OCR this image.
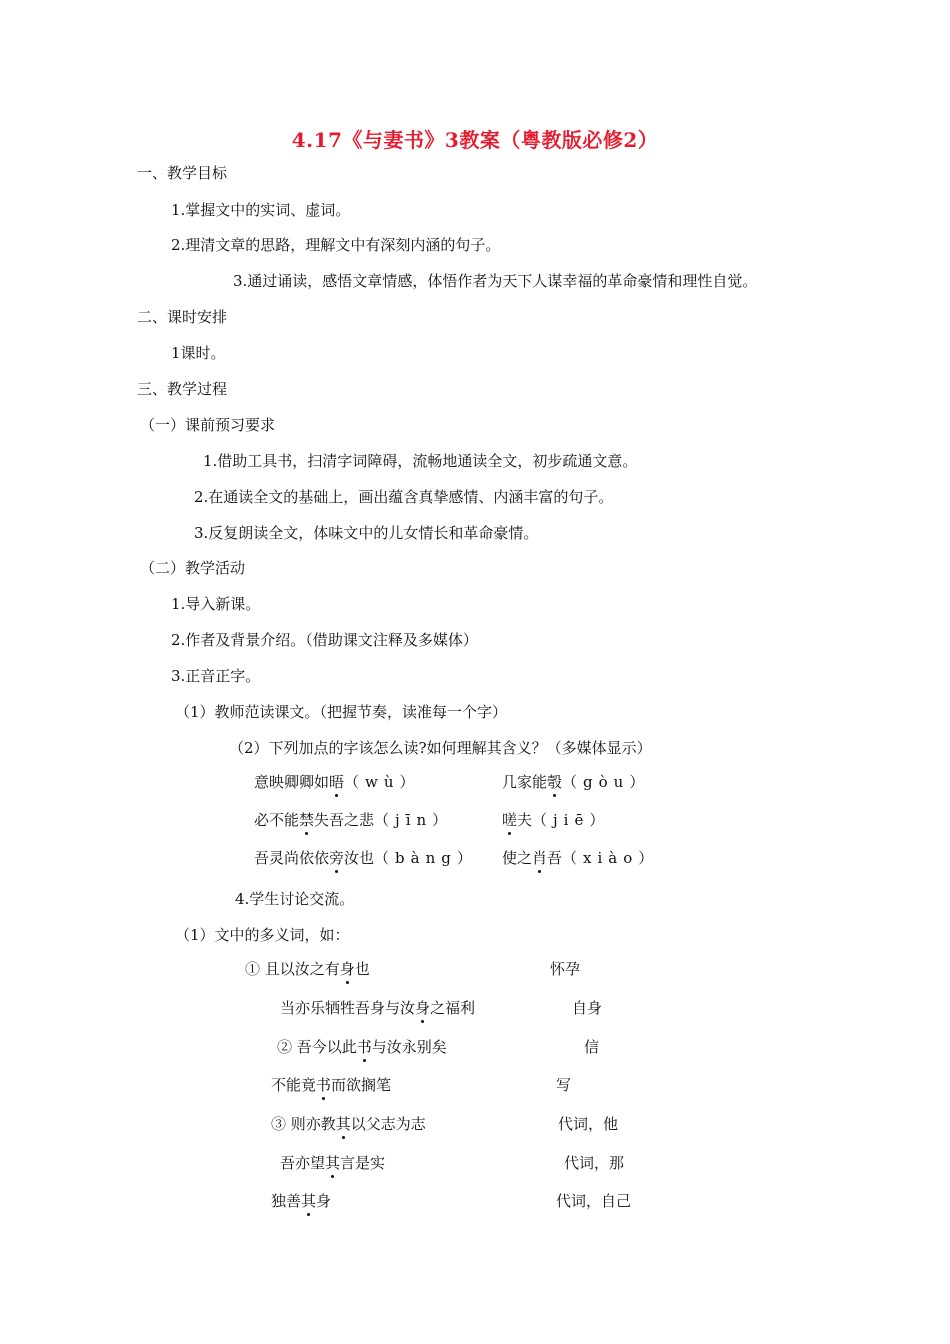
4.17《与妻书》3教案（粤教版必修2）
一、教学目标
1.掌握文中的实词、虚词。
2.理清文章的思路，理解文中有深刻内涵的句子。
3.通过诵读，感悟文章情感，体悟作者为天下人谋幸福的革命豪情和理性自觉。
二、课时安排
1课时。
三、教学过程
（一）课前预习要求
1.借助工具书，扫清字词障碍，流畅地通读全文，初步疏通文意。
2.在通读全文的基础上，画出蕴含真挚感情、内涵丰富的句子。
3.反复朗读全文，体味文中的儿女情长和革命豪情。
（二）教学活动
1.导入新课。
2.作者及背景介绍。（借助课文注释及多媒体）
3.正音正字。
（1）教师范读课文。（把握节奏，读准每一个字）
（2）下列加点的字该怎么读?如何理解其含义？（多媒体显示）
意映卿卿如晤（wù）	几家能彀（gòu）
必不能禁失吾之悲（jīn）	嗟夫（jiē）
吾灵尚依依旁汝也（bàng） 使之肖吾（xiào）
4.学生讨论交流。
（1）文中的多义词，如：
① 且以汝之有身也	怀孕
当亦乐牺牲吾身与汝身之福利	自身
② 吾今以此书与汝永别矣	信
不能竟书而欲搁笔	写
③ 则亦教其以父志为志	代词，他
吾亦望其言是实	代词，那
独善其身	代词，自己
